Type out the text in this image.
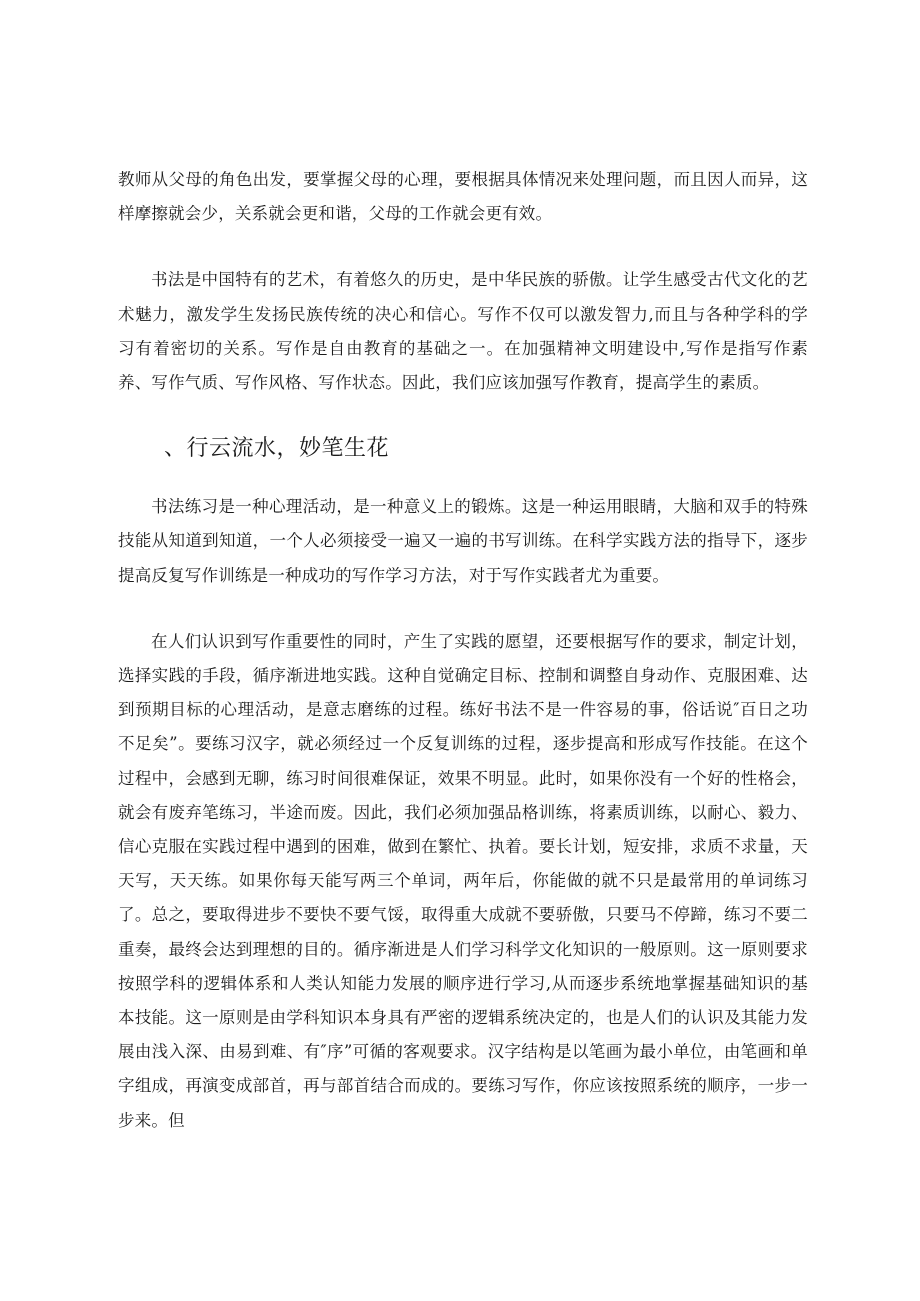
教师从父母的角色出发，要掌握父母的心理，要根据具体情况来处理问题，而且因人而异，这样摩擦就会少，关系就会更和谐，父母的工作就会更有效。

书法是中国特有的艺术，有着悠久的历史，是中华民族的骄傲。让学生感受古代文化的艺术魅力，激发学生发扬民族传统的决心和信心。写作不仅可以激发智力,而且与各种学科的学习有着密切的关系。写作是自由教育的基础之一。在加强精神文明建设中,写作是指写作素养、写作气质、写作风格、写作状态。因此，我们应该加强写作教育，提高学生的素质。

、行云流水，妙笔生花

书法练习是一种心理活动，是一种意义上的锻炼。这是一种运用眼睛，大脑和双手的特殊技能从知道到知道，一个人必须接受一遍又一遍的书写训练。在科学实践方法的指导下，逐步提高反复写作训练是一种成功的写作学习方法，对于写作实践者尤为重要。

在人们认识到写作重要性的同时，产生了实践的愿望，还要根据写作的要求，制定计划，选择实践的手段，循序渐进地实践。这种自觉确定目标、控制和调整自身动作、克服困难、达到预期目标的心理活动，是意志磨练的过程。练好书法不是一件容易的事，俗话说″百日之功不足矣”。要练习汉字，就必须经过一个反复训练的过程，逐步提高和形成写作技能。在这个过程中，会感到无聊，练习时间很难保证，效果不明显。此时，如果你没有一个好的性格会，就会有废弃笔练习，半途而废。因此，我们必须加强品格训练，将素质训练，以耐心、毅力、信心克服在实践过程中遇到的困难，做到在繁忙、执着。要长计划，短安排，求质不求量，天天写，天天练。如果你每天能写两三个单词，两年后，你能做的就不只是最常用的单词练习了。总之，要取得进步不要快不要气馁，取得重大成就不要骄傲，只要马不停蹄，练习不要二重奏，最终会达到理想的目的。循序渐进是人们学习科学文化知识的一般原则。这一原则要求按照学科的逻辑体系和人类认知能力发展的顺序进行学习,从而逐步系统地掌握基础知识的基本技能。这一原则是由学科知识本身具有严密的逻辑系统决定的，也是人们的认识及其能力发展由浅入深、由易到难、有″序”可循的客观要求。汉字结构是以笔画为最小单位，由笔画和单字组成，再演变成部首，再与部首结合而成的。要练习写作，你应该按照系统的顺序，一步一步来。但
